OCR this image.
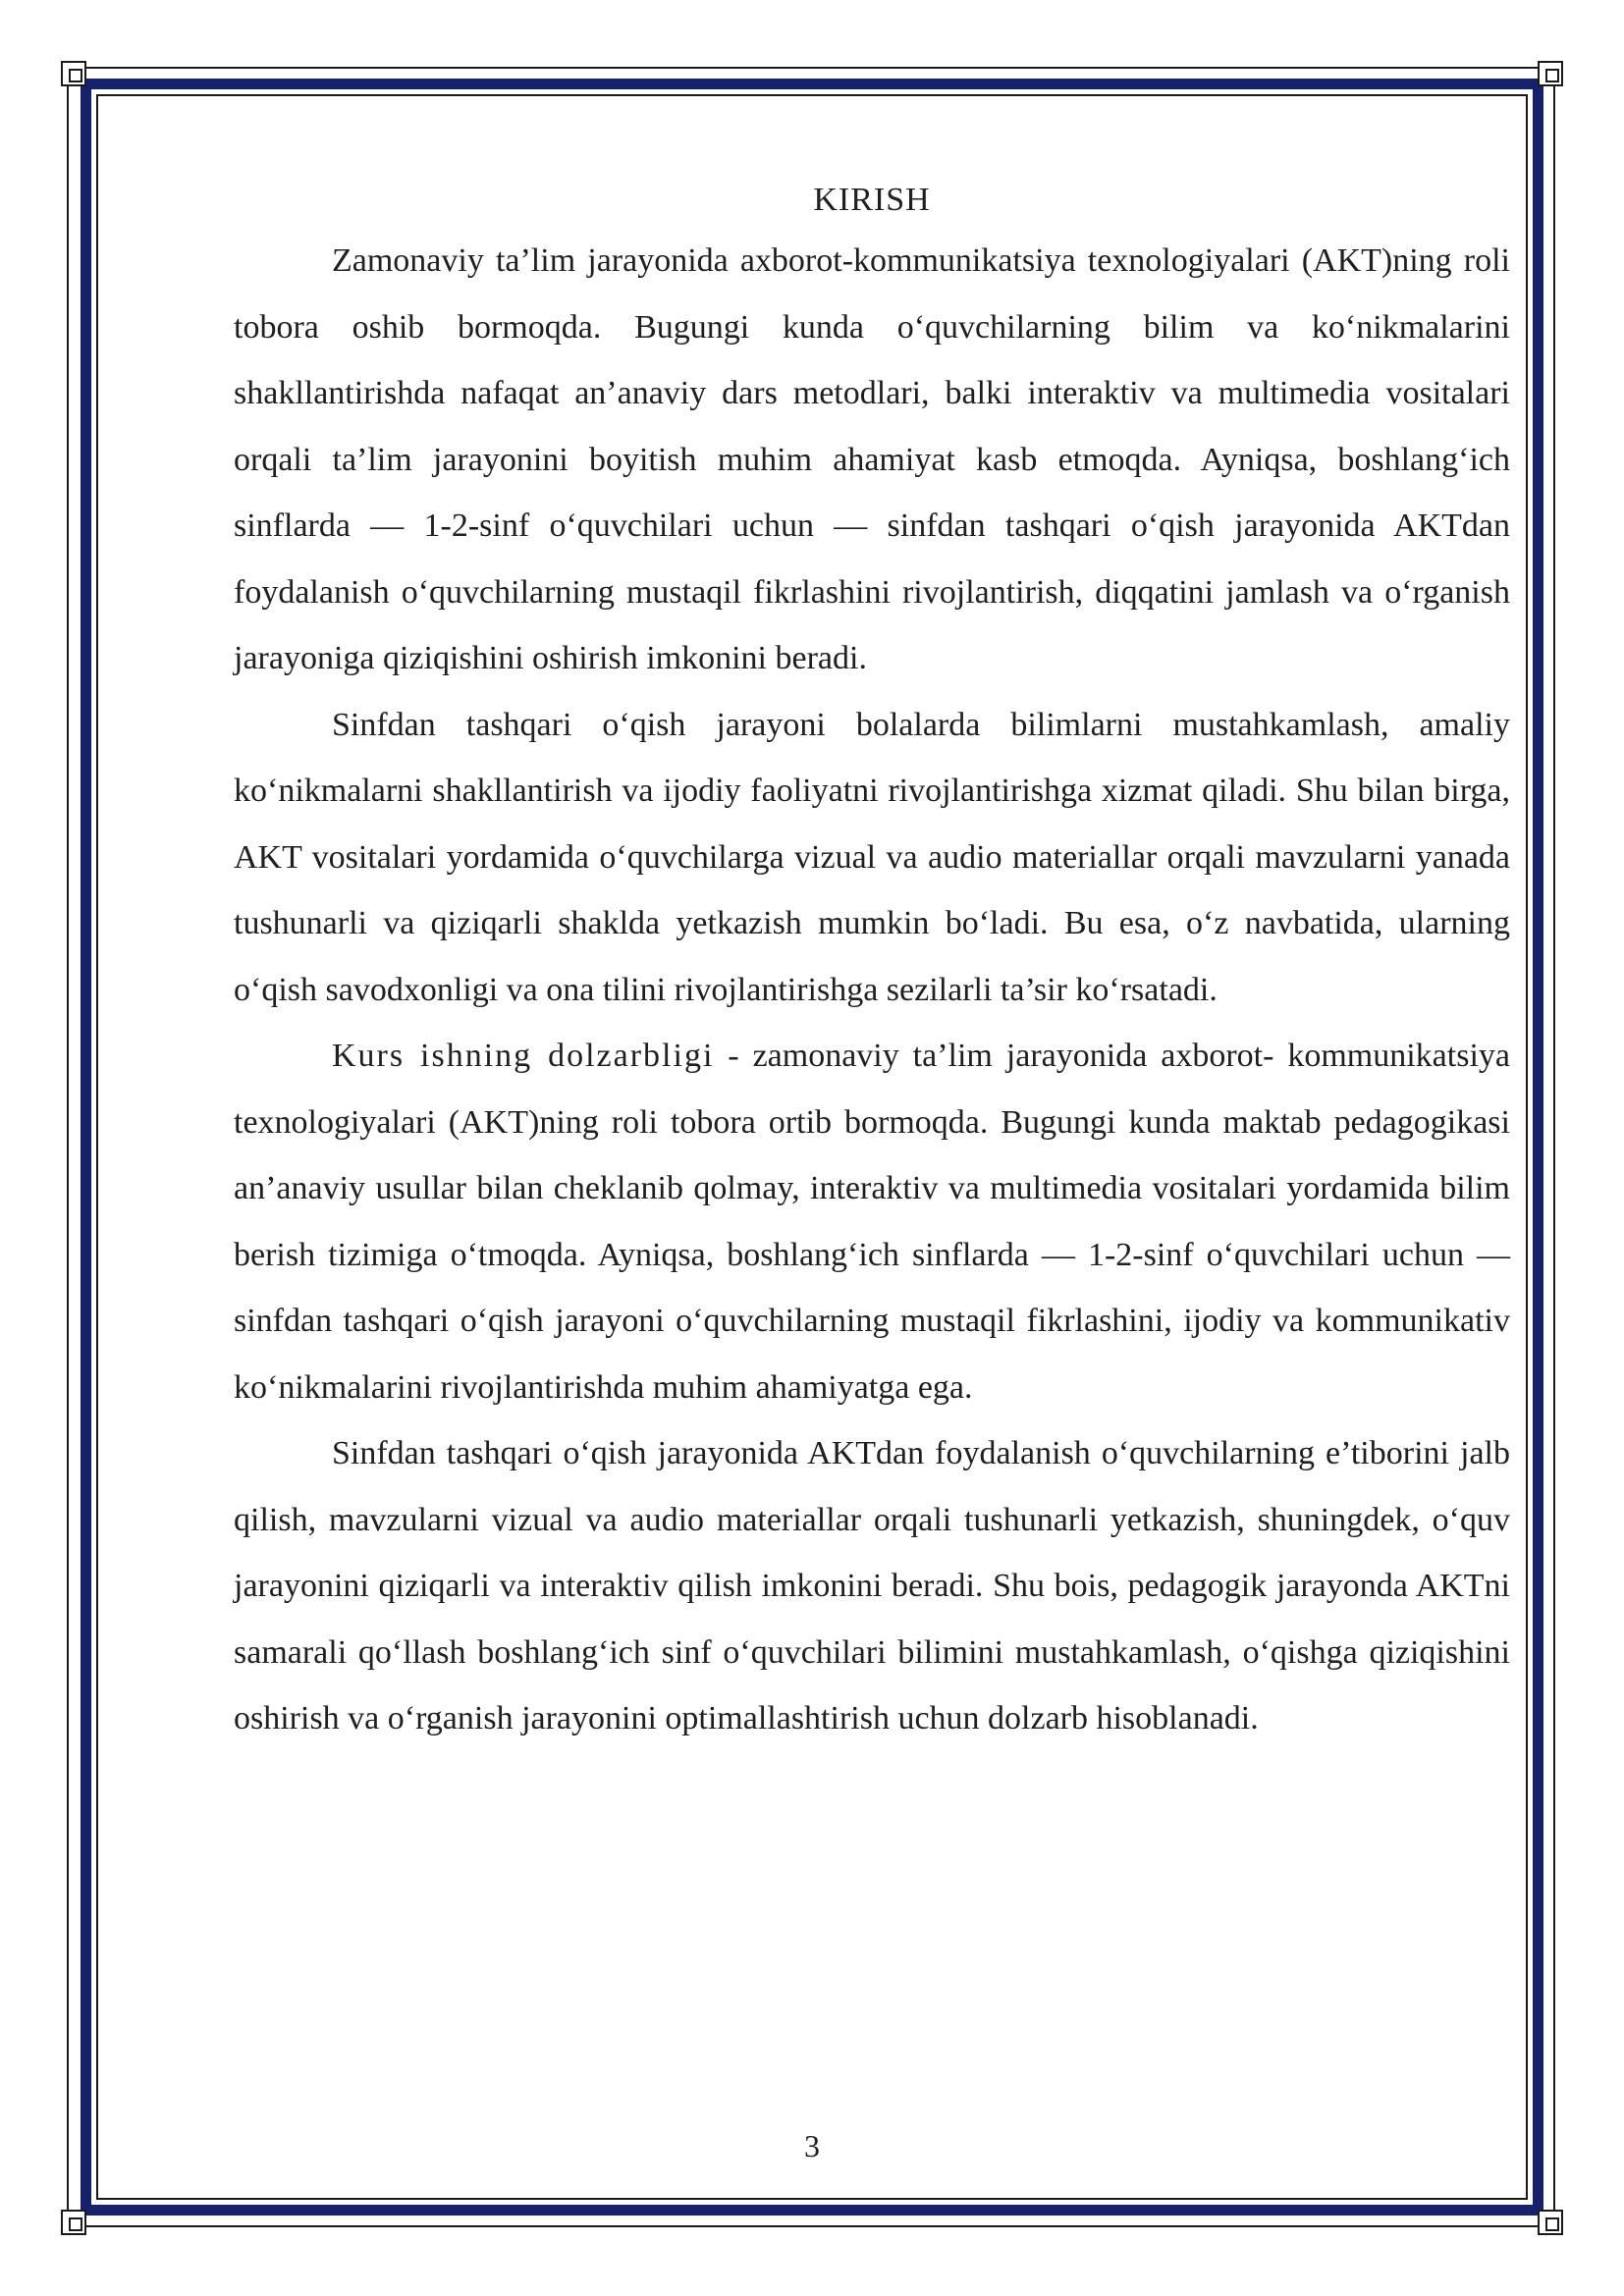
KIRISH

Zamonaviy ta’lim jarayonida axborot-kommunikatsiya texnologiyalari (AKT)ning roli tobora oshib bormoqda. Bugungi kunda o‘quvchilarning bilim va ko‘nikmalarini shakllantirishda nafaqat an’anaviy dars metodlari, balki interaktiv va multimedia vositalari orqali ta’lim jarayonini boyitish muhim ahamiyat kasb etmoqda. Ayniqsa, boshlang‘ich sinflarda — 1-2-sinf o‘quvchilari uchun — sinfdan tashqari o‘qish jarayonida AKTdan foydalanish o‘quvchilarning mustaqil fikrlashini rivojlantirish, diqqatini jamlash va o‘rganish jarayoniga qiziqishini oshirish imkonini beradi.

Sinfdan tashqari o‘qish jarayoni bolalarda bilimlarni mustahkamlash, amaliy ko‘nikmalarni shakllantirish va ijodiy faoliyatni rivojlantirishga xizmat qiladi. Shu bilan birga, AKT vositalari yordamida o‘quvchilarga vizual va audio materiallar orqali mavzularni yanada tushunarli va qiziqarli shaklda yetkazish mumkin bo‘ladi. Bu esa, o‘z navbatida, ularning o‘qish savodxonligi va ona tilini rivojlantirishga sezilarli ta’sir ko‘rsatadi.

Kurs ishning dolzarbligi - zamonaviy ta’lim jarayonida axborot- kommunikatsiya texnologiyalari (AKT)ning roli tobora ortib bormoqda. Bugungi kunda maktab pedagogikasi an’anaviy usullar bilan cheklanib qolmay, interaktiv va multimedia vositalari yordamida bilim berish tizimiga o‘tmoqda. Ayniqsa, boshlang‘ich sinflarda — 1-2-sinf o‘quvchilari uchun — sinfdan tashqari o‘qish jarayoni o‘quvchilarning mustaqil fikrlashini, ijodiy va kommunikativ ko‘nikmalarini rivojlantirishda muhim ahamiyatga ega.

Sinfdan tashqari o‘qish jarayonida AKTdan foydalanish o‘quvchilarning e’tiborini jalb qilish, mavzularni vizual va audio materiallar orqali tushunarli yetkazish, shuningdek, o‘quv jarayonini qiziqarli va interaktiv qilish imkonini beradi. Shu bois, pedagogik jarayonda AKTni samarali qo‘llash boshlang‘ich sinf o‘quvchilari bilimini mustahkamlash, o‘qishga qiziqishini oshirish va o‘rganish jarayonini optimallashtirish uchun dolzarb hisoblanadi.

3
